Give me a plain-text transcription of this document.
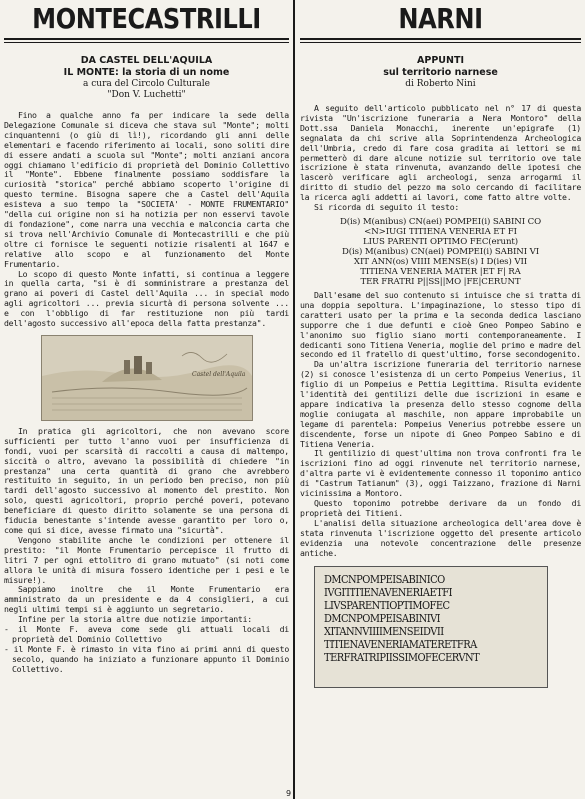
MONTECASTRILLI
DA CASTEL DELL'AQUILA
IL MONTE: la storia di un nome
a cura del Circolo Culturale
"Don V. Luchetti"

Fino a qualche anno fa per indicare la sede della Delegazione Comunale si diceva che stava sul "Monte"; molti cinquantenni (o giù di lì!), ricordando gli anni delle elementari e facendo riferimento ai locali, sono soliti dire di essere andati a scuola sul "Monte"; molti anziani ancora oggi chiamano l'edificio di proprietà del Dominio Collettivo il "Monte". Ebbene finalmente possiamo soddisfare la curiosità "storica" perché abbiamo scoperto l'origine di questo termine. Bisogna sapere che a Castel dell'Aquila esisteva a suo tempo la "SOCIETA' - MONTE FRUMENTARIO" "della cui origine non si ha notizia per non esservi tavole di fondazione", come narra una vecchia e malconcia carta che si trova nell'Archivio Comunale di Montecastrilli e che più oltre ci fornisce le seguenti notizie risalenti al 1647 e relative allo scopo e al funzionamento del Monte Frumentario.

Lo scopo di questo Monte infatti, si continua a leggere in quella carta, "si è di somministrare a prestanza del grano ai poveri di Castel dell'Aquila ... in special modo agli agricoltori ... previa sicurtà di persona solvente ... e con l'obbligo di far restituzione non più tardi dell'agosto successivo all'epoca della fatta prestanza".

Castel dell'Aquila

In pratica gli agricoltori, che non avevano score sufficienti per tutto l'anno vuoi per insufficienza di fondi, vuoi per scarsità di raccolti a causa di maltempo, siccità o altro, avevano la possibilità di chiedere "in prestanza" una certa quantità di grano che avrebbero restituito in seguito, in un periodo ben preciso, non più tardi dell'agosto successivo al momento del prestito. Non solo, questi agricoltori, proprio perché poveri, potevano beneficiare di questo diritto solamente se una persona di fiducia benestante s'intende avesse garantito per loro o, come qui si dice, avesse firmato una "sicurtà".

Vengono stabilite anche le condizioni per ottenere il prestito: "il Monte Frumentario percepisce il frutto di litri 7 per ogni ettolitro di grano mutuato" (si noti come allora le unità di misura fossero identiche per i pesi e le misure!).

Sappiamo inoltre che il Monte Frumentario era amministrato da un presidente e da 4 consiglieri, a cui negli ultimi tempi si è aggiunto un segretario.

Infine per la storia altre due notizie importanti:

- il Monte F. aveva come sede gli attuali locali di proprietà del Dominio Collettivo
- il Monte F. è rimasto in vita fino ai primi anni di questo secolo, quando ha iniziato a funzionare appunto il Dominio Collettivo.
NARNI
APPUNTI
sul territorio narnese
di Roberto Nini

A seguito dell'articolo pubblicato nel n° 17 di questa rivista "Un'iscrizione funeraria a Nera Montoro" della Dott.ssa Daniela Monacchi, inerente un'epigrafe (1) segnalata da chi scrive alla Soprintendenza Archeologica dell'Umbria, credo di fare cosa gradita ai lettori se mi permetterò di dare alcune notizie sul territorio ove tale iscrizione è stata rinvenuta, avanzando delle ipotesi che lascerò verificare agli archeologi, senza arrogarmi il diritto di studio del pezzo ma solo cercando di facilitare la ricerca agli addetti ai lavori, come fatto altre volte.

Si ricorda di seguito il testo:

D(is) M(anibus) CN(aei) POMPEI(i) SABINI CO
<N>IUGI TITIENA VENERIA ET FI
LIUS PARENTI OPTIMO FEC(erunt)
D(is) M(anibus) CN(aei) POMPEI(i) SABINI VI
XIT ANN(os) VIIII MENSE(s) I D(ies) VII
TITIENA VENERIA MATER |ET F| RA
TER FRATRI P||SS||MO |FE|CERUNT

Dall'esame del suo contenuto si intuisce che si tratta di una doppia sepoltura. L'impaginazione, lo stesso tipo di caratteri usato per la prima e la seconda dedica lasciano supporre che i due defunti e cioè Gneo Pompeo Sabino e l'anonimo suo figlio siano morti contemporaneamente. I dedicanti sono Titiena Veneria, moglie del primo e madre del secondo ed il fratello di quest'ultimo, forse secondogenito.

Da un'altra iscrizione funeraria del territorio narnese (2) si conosce l'esistenza di un certo Pompeius Venerius, il figlio di un Pompeius e Pettia Legittima. Risulta evidente l'identità dei gentilizi delle due iscrizioni in esame e appare indicativa la presenza dello stesso cognome della moglie coniugata al maschile, non appare improbabile un legame di parentela: Pompeius Venerius potrebbe essere un discendente, forse un nipote di Gneo Pompeo Sabino e di Titiena Veneria.

Il gentilizio di quest'ultima non trova confronti fra le iscrizioni fino ad oggi rinvenute nel territorio narnese, d'altra parte vi è evidentemente connesso il toponimo antico di "Castrum Tatianum" (3), oggi Taizzano, frazione di Narni vicinissima a Montoro.

Questo toponimo potrebbe derivare da un fondo di proprietà dei Titieni.

L'analisi della situazione archeologica dell'area dove è stata rinvenuta l'iscrizione oggetto del presente articolo evidenzia una notevole concentrazione delle presenze antiche.

DMCNPOMPEISABINICO
IVGITITIENAVENERIAETFI
LIVSPARENTIOPTIMOFEC
DMCNPOMPEISABINIVI
XITANNVIIIIMENSEIDVII
TITIENAVENERIAMATERETFRA
TERFRATRIPIISSIMOFECERVNT
9
